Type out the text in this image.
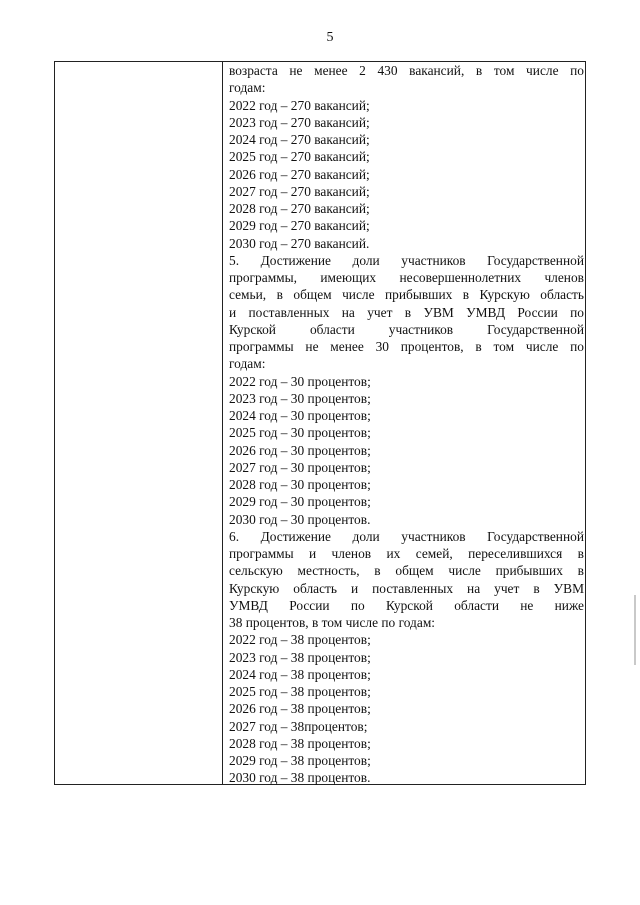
5
возраста не менее 2 430 вакансий, в том числе по
годам:
2022 год – 270 вакансий;
2023 год – 270 вакансий;
2024 год – 270 вакансий;
2025 год – 270 вакансий;
2026 год – 270 вакансий;
2027 год – 270 вакансий;
2028 год – 270 вакансий;
2029 год – 270 вакансий;
2030 год – 270 вакансий.
5. Достижение доли участников Государственной
программы, имеющих несовершеннолетних членов
семьи, в общем числе прибывших в Курскую область
и поставленных на учет в УВМ УМВД России по
Курской области участников Государственной
программы не менее 30 процентов, в том числе по
годам:
2022 год – 30 процентов;
2023 год – 30 процентов;
2024 год – 30 процентов;
2025 год – 30 процентов;
2026 год – 30 процентов;
2027 год – 30 процентов;
2028 год – 30 процентов;
2029 год – 30 процентов;
2030 год – 30 процентов.
6. Достижение доли участников Государственной
программы и членов их семей, переселившихся в
сельскую местность, в общем числе прибывших в
Курскую область и поставленных на учет в УВМ
УМВД России по Курской области не ниже
38 процентов, в том числе по годам:
2022 год – 38 процентов;
2023 год – 38 процентов;
2024 год – 38 процентов;
2025 год – 38 процентов;
2026 год – 38 процентов;
2027 год – 38процентов;
2028 год – 38 процентов;
2029 год – 38 процентов;
2030 год – 38 процентов.
